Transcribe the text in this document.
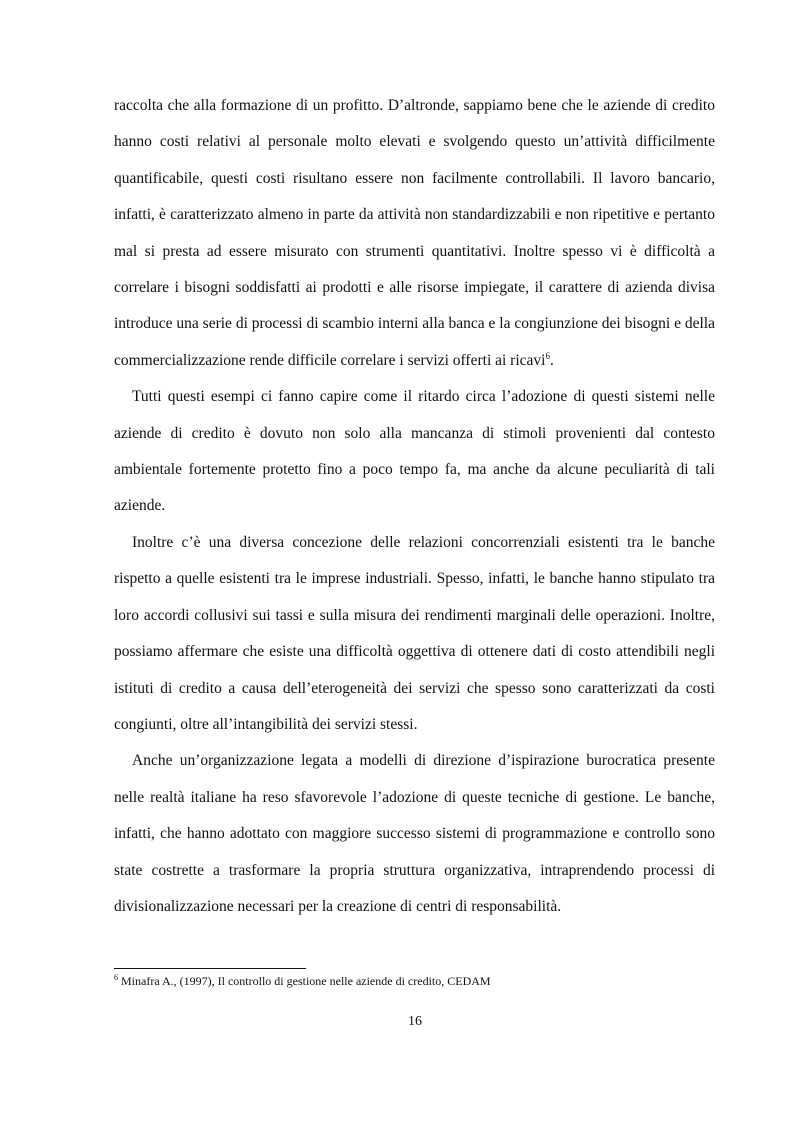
raccolta che alla formazione di un profitto. D’altronde, sappiamo bene che le aziende di credito hanno costi relativi al personale molto elevati e svolgendo questo un’attività difficilmente quantificabile, questi costi risultano essere non facilmente controllabili. Il lavoro bancario, infatti, è caratterizzato almeno in parte da attività non standardizzabili e non ripetitive e pertanto mal si presta ad essere misurato con strumenti quantitativi. Inoltre spesso vi è difficoltà a correlare i bisogni soddisfatti ai prodotti e alle risorse impiegate, il carattere di azienda divisa introduce una serie di processi di scambio interni alla banca e la congiunzione dei bisogni e della commercializzazione rende difficile correlare i servizi offerti ai ricavi$^6$.

Tutti questi esempi ci fanno capire come il ritardo circa l’adozione di questi sistemi nelle aziende di credito è dovuto non solo alla mancanza di stimoli provenienti dal contesto ambientale fortemente protetto fino a poco tempo fa, ma anche da alcune peculiarità di tali aziende.

Inoltre c’è una diversa concezione delle relazioni concorrenziali esistenti tra le banche rispetto a quelle esistenti tra le imprese industriali. Spesso, infatti, le banche hanno stipulato tra loro accordi collusivi sui tassi e sulla misura dei rendimenti marginali delle operazioni. Inoltre, possiamo affermare che esiste una difficoltà oggettiva di ottenere dati di costo attendibili negli istituti di credito a causa dell’eterogeneità dei servizi che spesso sono caratterizzati da costi congiunti, oltre all’intangibilità dei servizi stessi.

Anche un’organizzazione legata a modelli di direzione d’ispirazione burocratica presente nelle realtà italiane ha reso sfavorevole l’adozione di queste tecniche di gestione. Le banche, infatti, che hanno adottato con maggiore successo sistemi di programmazione e controllo sono state costrette a trasformare la propria struttura organizzativa, intraprendendo processi di divisionalizzazione necessari per la creazione di centri di responsabilità.

$^6$ Minafra A., (1997), Il controllo di gestione nelle aziende di credito, CEDAM

16
